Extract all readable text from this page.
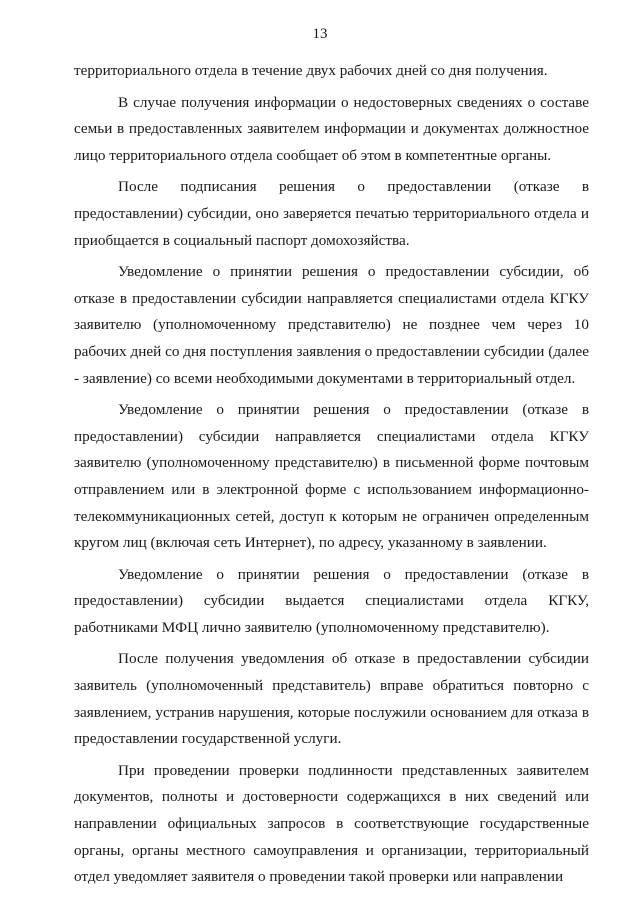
13

территориального отдела в течение двух рабочих дней со дня получения.

В случае получения информации о недостоверных сведениях о составе семьи в предоставленных заявителем информации и документах должностное лицо территориального отдела сообщает об этом в компетентные органы.

После подписания решения о предоставлении (отказе в предоставлении) субсидии, оно заверяется печатью территориального отдела и приобщается в социальный паспорт домохозяйства.

Уведомление о принятии решения о предоставлении субсидии, об отказе в предоставлении субсидии направляется специалистами отдела КГКУ заявителю (уполномоченному представителю) не позднее чем через 10 рабочих дней со дня поступления заявления о предоставлении субсидии (далее - заявление) со всеми необходимыми документами в территориальный отдел.

Уведомление о принятии решения о предоставлении (отказе в предоставлении) субсидии направляется специалистами отдела КГКУ заявителю (уполномоченному представителю) в письменной форме почтовым отправлением или в электронной форме с использованием информационно-телекоммуникационных сетей, доступ к которым не ограничен определенным кругом лиц (включая сеть Интернет), по адресу, указанному в заявлении.

Уведомление о принятии решения о предоставлении (отказе в предоставлении) субсидии выдается специалистами отдела КГКУ, работниками МФЦ лично заявителю (уполномоченному представителю).

После получения уведомления об отказе в предоставлении субсидии заявитель (уполномоченный представитель) вправе обратиться повторно с заявлением, устранив нарушения, которые послужили основанием для отказа в предоставлении государственной услуги.

При проведении проверки подлинности представленных заявителем документов, полноты и достоверности содержащихся в них сведений или направлении официальных запросов в соответствующие государственные органы, органы местного самоуправления и организации, территориальный отдел уведомляет заявителя о проведении такой проверки или направлении
